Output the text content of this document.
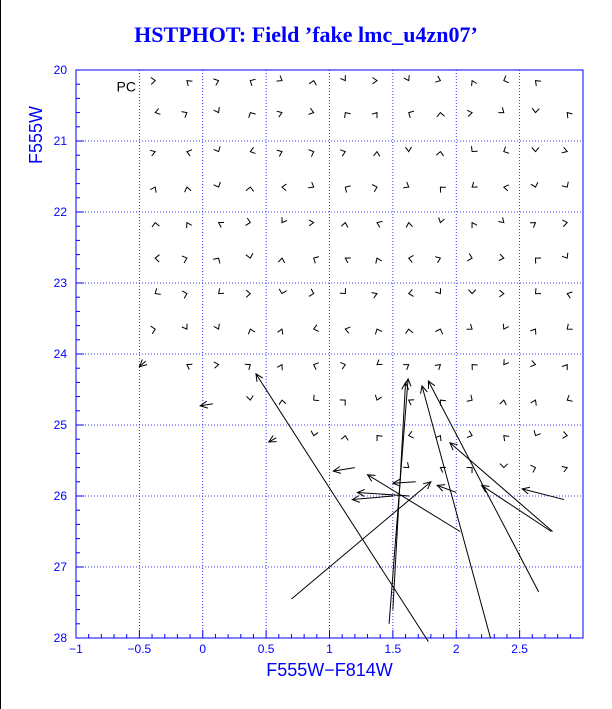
HSTPHOT: Field ’fake lmc_u4zn07’
−1	−0.5	0	0.5	1	1.5	2	2.5
20
21
22
23
24
25
26
27
28
PC
F555W−F814W
F555W
